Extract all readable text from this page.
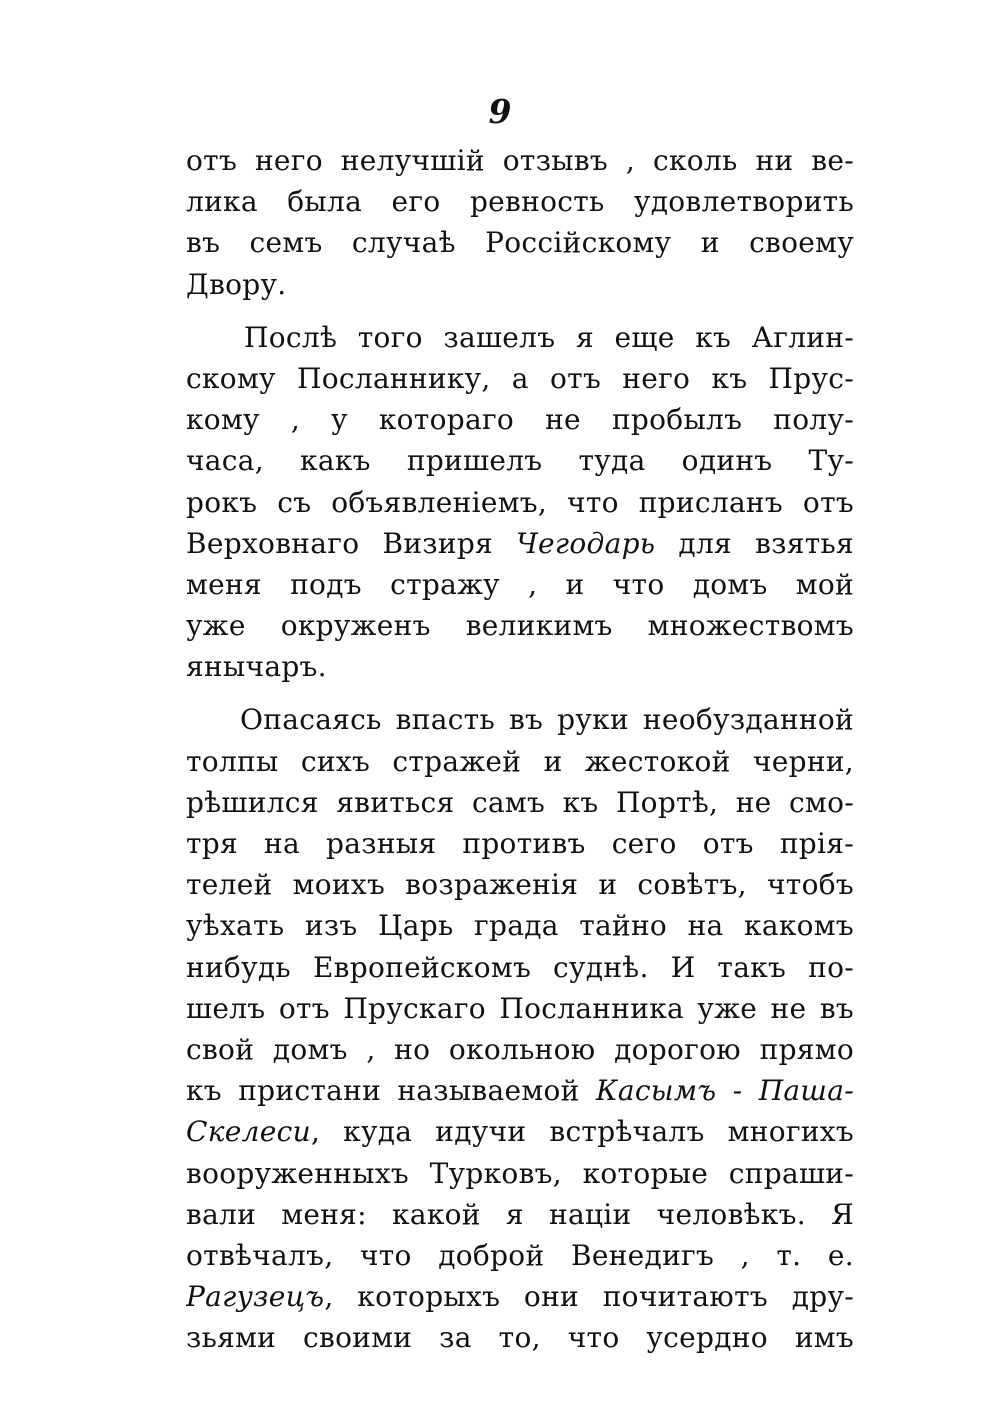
9
отъ него нелучшій отзывъ , сколь ни ве-
лика была его ревность удовлетворить
въ семъ случаѣ Россійскому и своему
Двору.
Послѣ того зашелъ я еще къ Аглин-
скому Посланнику, а отъ него къ Прус-
кому , у котораго не пробылъ полу-
часа, какъ пришелъ туда одинъ Ту-
рокъ съ объявленіемъ, что присланъ отъ
Верховнаго Визиря Чегодарь для взятья
меня подъ стражу , и что домъ мой
уже окруженъ великимъ множествомъ
янычаръ.
Опасаясь впасть въ руки необузданной
толпы сихъ стражей и жестокой черни,
рѣшился явиться самъ къ Портѣ, не смо-
тря на разныя противъ сего отъ прія-
телей моихъ возраженія и совѣтъ, чтобъ
уѣхать изъ Царь града тайно на какомъ
нибудь Европейскомъ суднѣ. И такъ по-
шелъ отъ Прускаго Посланника уже не въ
свой домъ , но окольною дорогою прямо
къ пристани называемой Касымъ - Паша-
Скелеси, куда идучи встрѣчалъ многихъ
вооруженныхъ Турковъ, которые спраши-
вали меня: какой я націи человѣкъ. Я
отвѣчалъ, что доброй Венедигъ , т. е.
Рагузецъ, которыхъ они почитаютъ дру-
зьями своими за то, что усердно имъ
